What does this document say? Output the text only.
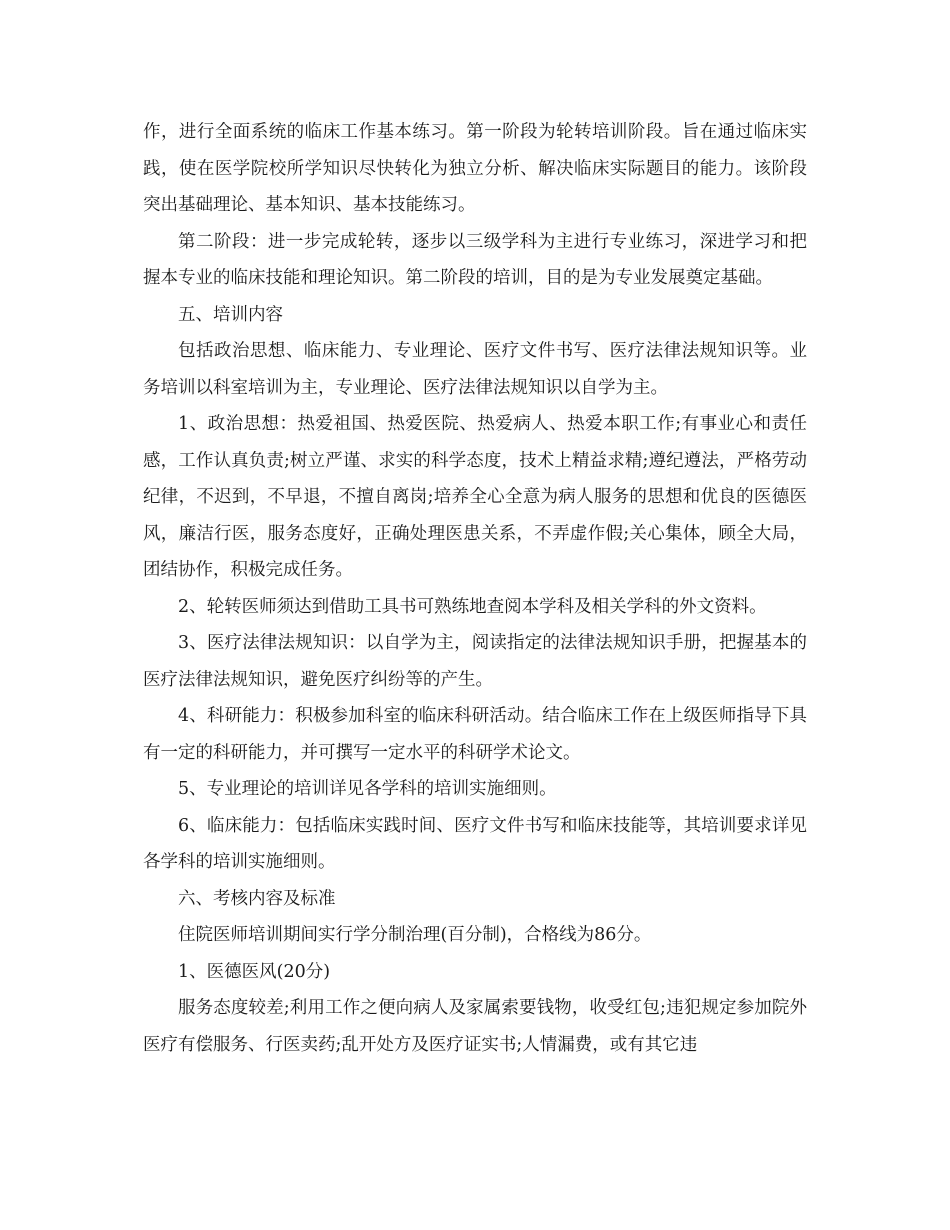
作，进行全面系统的临床工作基本练习。第一阶段为轮转培训阶段。旨在通过临床实践，使在医学院校所学知识尽快转化为独立分析、解决临床实际题目的能力。该阶段突出基础理论、基本知识、基本技能练习。

第二阶段：进一步完成轮转，逐步以三级学科为主进行专业练习，深进学习和把握本专业的临床技能和理论知识。第二阶段的培训，目的是为专业发展奠定基础。

五、培训内容

包括政治思想、临床能力、专业理论、医疗文件书写、医疗法律法规知识等。业务培训以科室培训为主，专业理论、医疗法律法规知识以自学为主。

1、政治思想：热爱祖国、热爱医院、热爱病人、热爱本职工作;有事业心和责任感，工作认真负责;树立严谨、求实的科学态度，技术上精益求精;遵纪遵法，严格劳动纪律，不迟到，不早退，不擅自离岗;培养全心全意为病人服务的思想和优良的医德医风，廉洁行医，服务态度好，正确处理医患关系，不弄虚作假;关心集体，顾全大局，团结协作，积极完成任务。

2、轮转医师须达到借助工具书可熟练地查阅本学科及相关学科的外文资料。

3、医疗法律法规知识：以自学为主，阅读指定的法律法规知识手册，把握基本的医疗法律法规知识，避免医疗纠纷等的产生。

4、科研能力：积极参加科室的临床科研活动。结合临床工作在上级医师指导下具有一定的科研能力，并可撰写一定水平的科研学术论文。

5、专业理论的培训详见各学科的培训实施细则。

6、临床能力：包括临床实践时间、医疗文件书写和临床技能等，其培训要求详见各学科的培训实施细则。

六、考核内容及标准

住院医师培训期间实行学分制治理(百分制)，合格线为86分。

1、医德医风(20分)

服务态度较差;利用工作之便向病人及家属索要钱物，收受红包;违犯规定参加院外医疗有偿服务、行医卖药;乱开处方及医疗证实书;人情漏费，或有其它违
